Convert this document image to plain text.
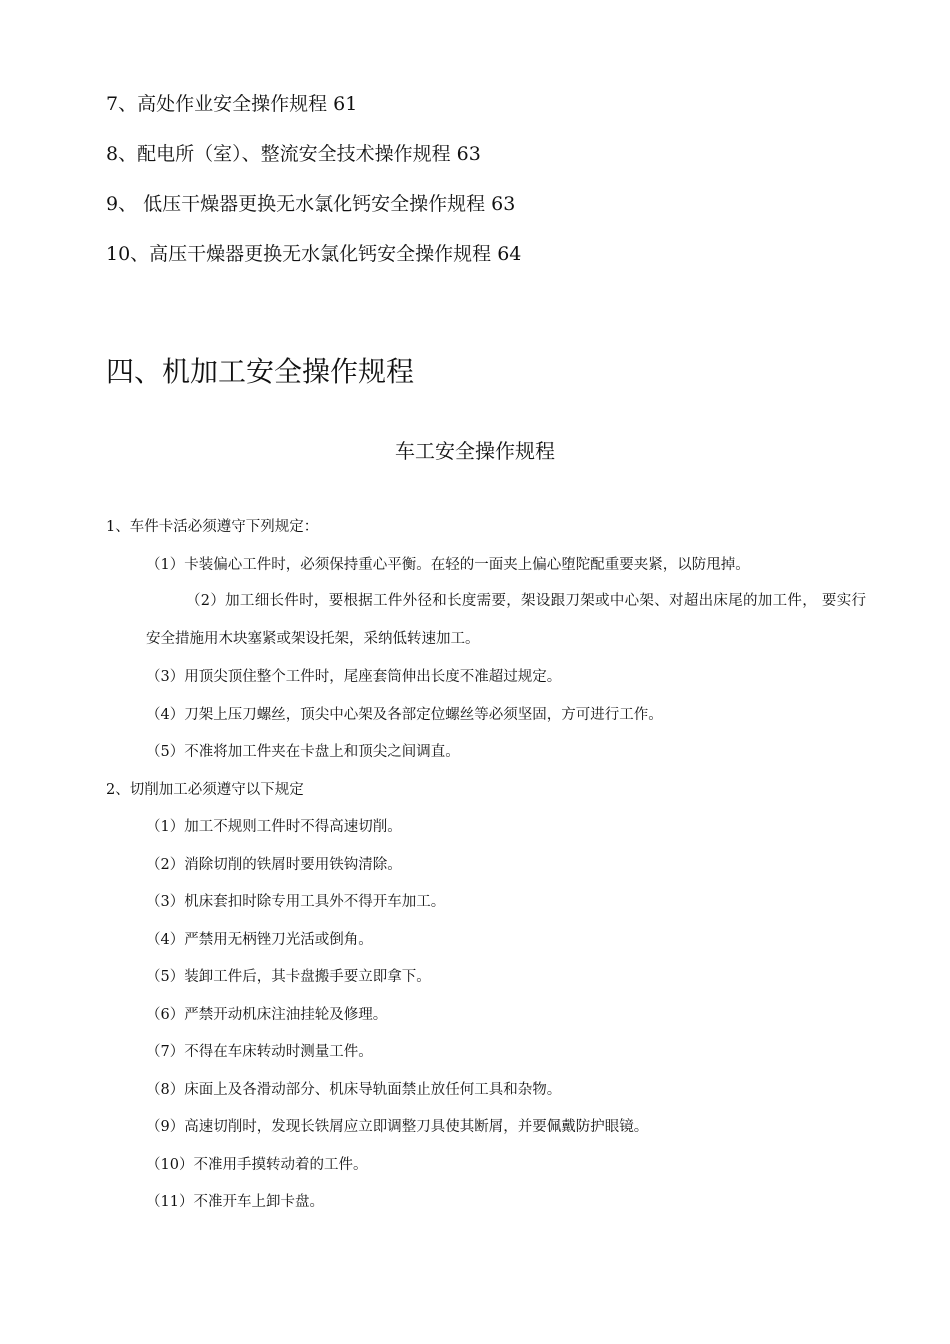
7、高处作业安全操作规程 61
8、配电所（室）、整流安全技术操作规程 63
9、 低压干燥器更换无水氯化钙安全操作规程 63
10、高压干燥器更换无水氯化钙安全操作规程 64
四、机加工安全操作规程
车工安全操作规程
1、车件卡活必须遵守下列规定：
（1）卡装偏心工件时，必须保持重心平衡。在轻的一面夹上偏心堕陀配重要夹紧，以防甩掉。
（2）加工细长件时，要根据工件外径和长度需要，架设跟刀架或中心架、对超出床尾的加工件， 要实行安全措施用木块塞紧或架设托架，采纳低转速加工。
（3）用顶尖顶住整个工件时，尾座套筒伸出长度不准超过规定。
（4）刀架上压刀螺丝，顶尖中心架及各部定位螺丝等必须坚固，方可进行工作。
（5）不准将加工件夹在卡盘上和顶尖之间调直。
2、切削加工必须遵守以下规定
（1）加工不规则工件时不得高速切削。
（2）消除切削的铁屑时要用铁钩清除。
（3）机床套扣时除专用工具外不得开车加工。
（4）严禁用无柄锉刀光活或倒角。
（5）装卸工件后，其卡盘搬手要立即拿下。
（6）严禁开动机床注油挂轮及修理。
（7）不得在车床转动时测量工件。
（8）床面上及各滑动部分、机床导轨面禁止放任何工具和杂物。
（9）高速切削时，发现长铁屑应立即调整刀具使其断屑，并要佩戴防护眼镜。
（10）不准用手摸转动着的工件。
（11）不准开车上卸卡盘。
